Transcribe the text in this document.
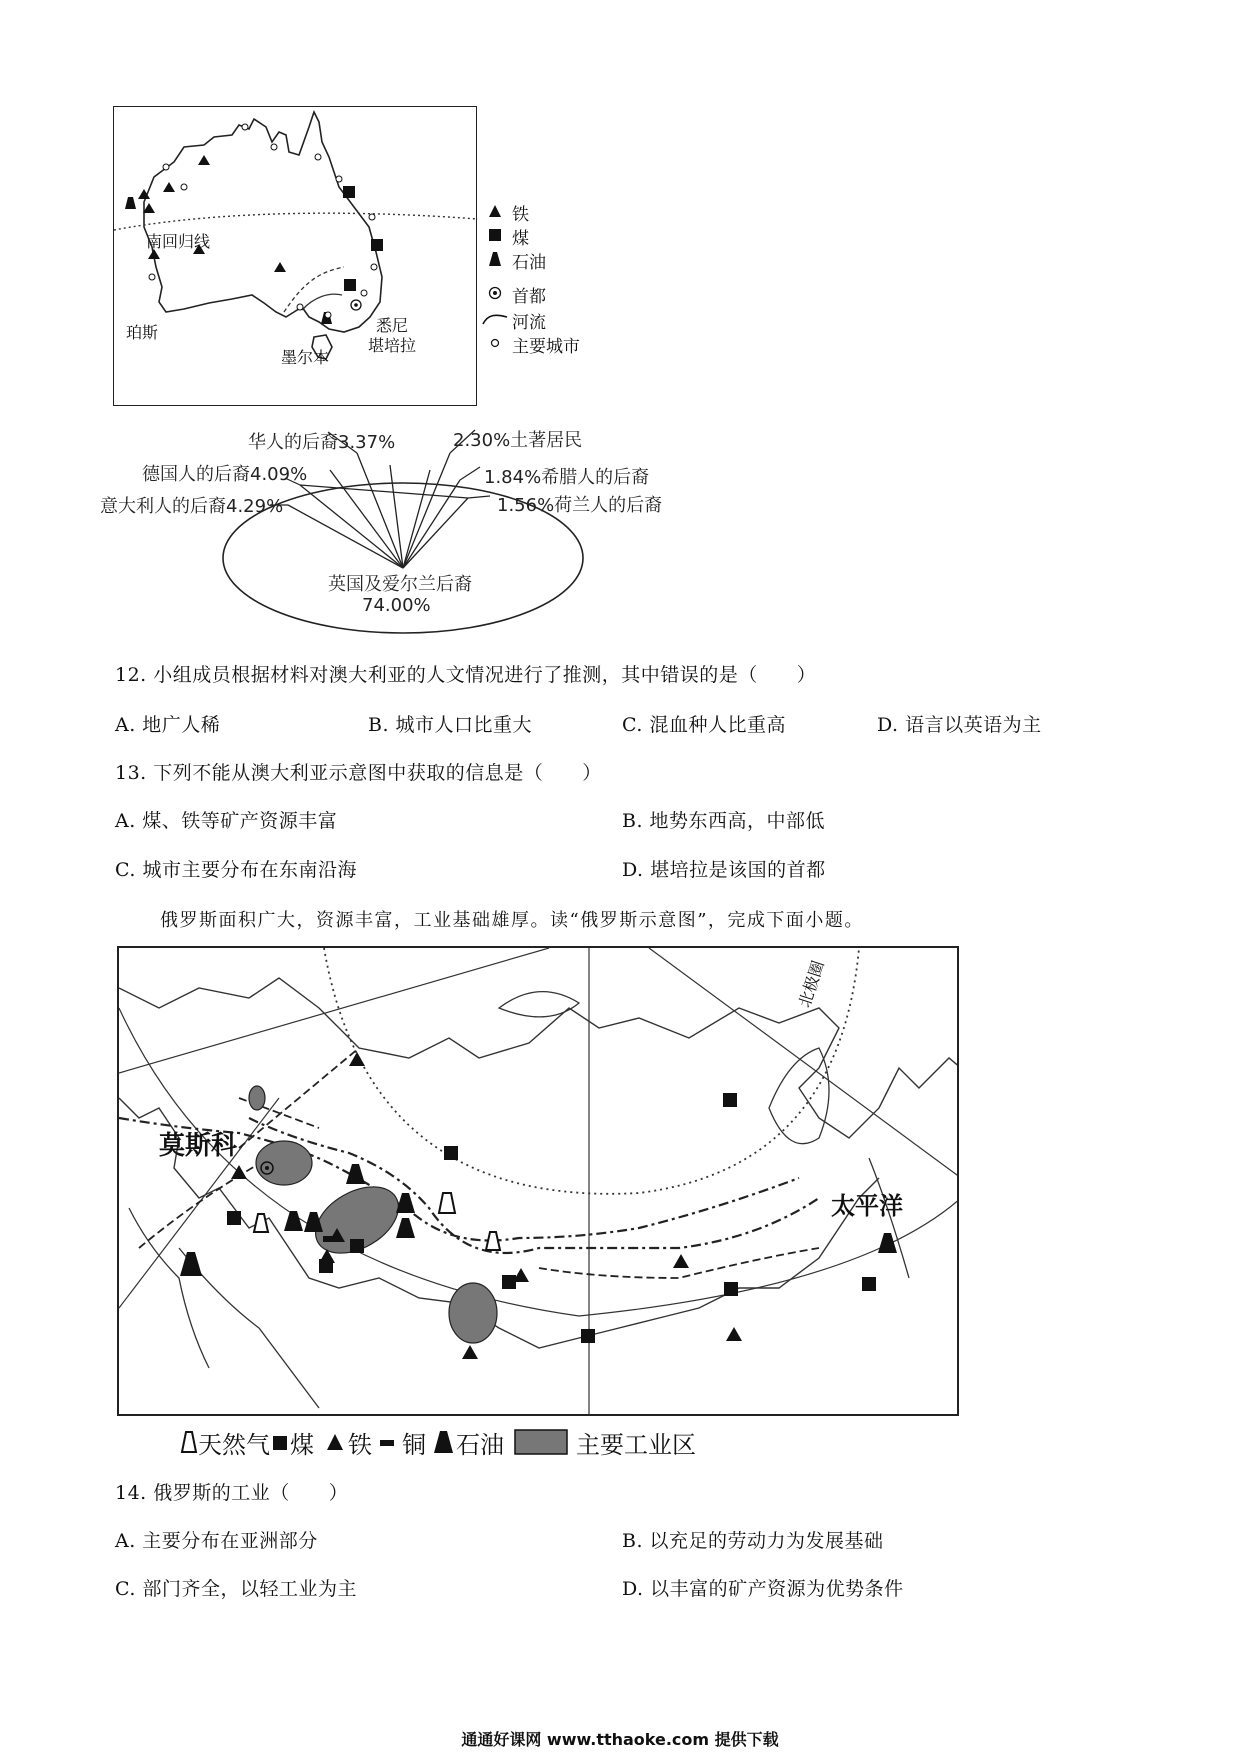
南回归线
珀斯	悉尼
堪培拉
墨尔本
铁
煤
石油
首都
河流
主要城市
华人的后裔3.37%	2.30%土著居民
德国人的后裔4.09%	1.84%希腊人的后裔
意大利人的后裔4.29%	1.56%荷兰人的后裔
英国及爱尔兰后裔
74.00%
12. 小组成员根据材料对澳大利亚的人文情况进行了推测，其中错误的是（　　）
A. 地广人稀	B. 城市人口比重大	C. 混血种人比重高	D. 语言以英语为主
13. 下列不能从澳大利亚示意图中获取的信息是（　　）
A. 煤、铁等矿产资源丰富	B. 地势东西高，中部低
C. 城市主要分布在东南沿海	D. 堪培拉是该国的首都
俄罗斯面积广大，资源丰富，工业基础雄厚。读“俄罗斯示意图”，完成下面小题。
莫斯科
太平洋
北极圈
天然气 煤 铁 铜 石油	主要工业区
14. 俄罗斯的工业（　　）
A. 主要分布在亚洲部分	B. 以充足的劳动力为发展基础
C. 部门齐全，以轻工业为主	D. 以丰富的矿产资源为优势条件
通通好课网 www.tthaoke.com 提供下载
